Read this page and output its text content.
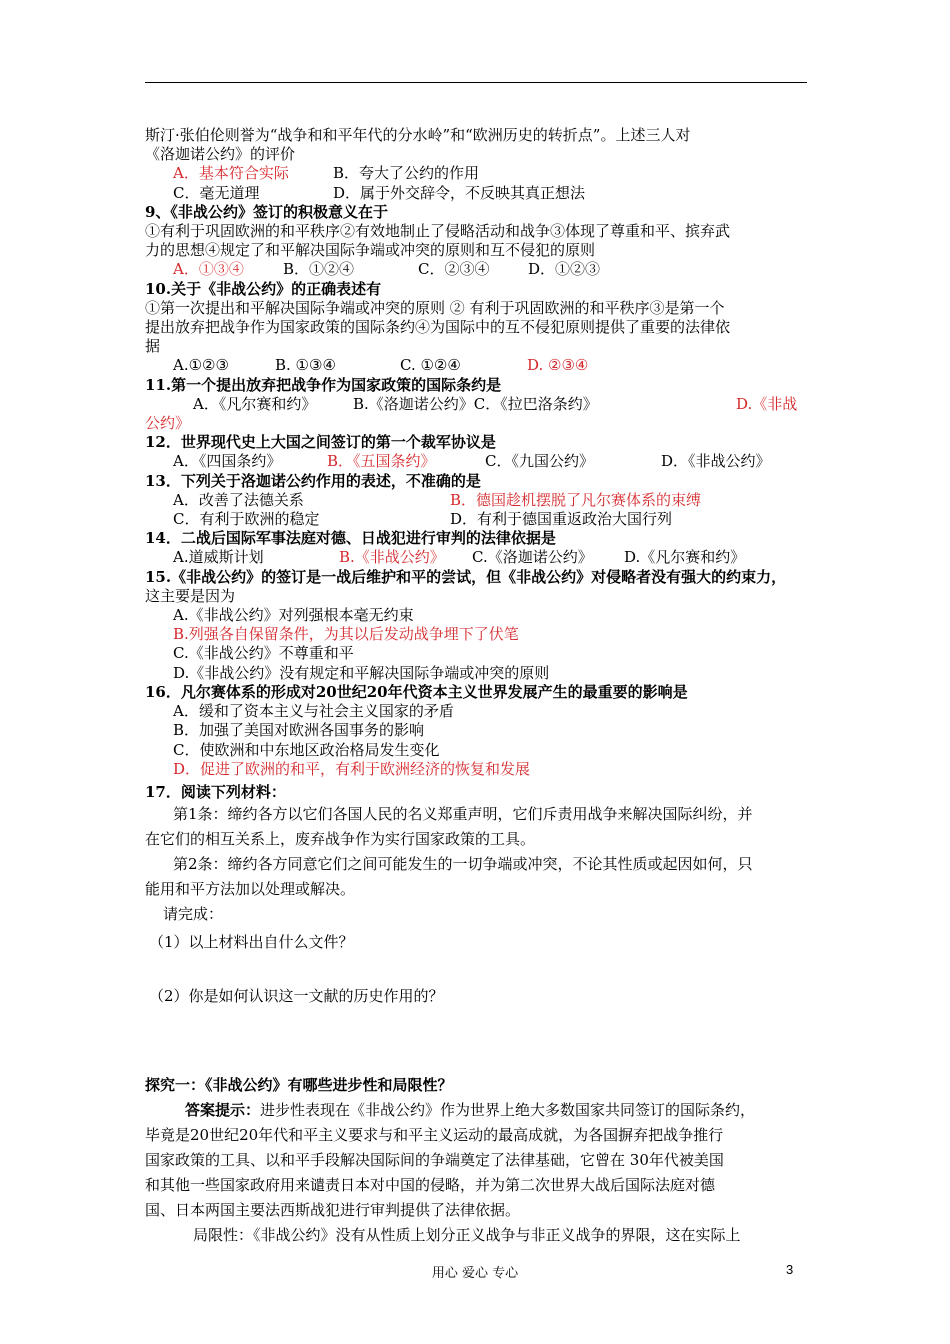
斯汀·张伯伦则誉为“战争和和平年代的分水岭”和“欧洲历史的转折点”。上述三人对
《洛迦诺公约》的评价
A．基本符合实际	B．夸大了公约的作用
C．毫无道理	D．属于外交辞令，不反映其真正想法
9、《非战公约》签订的积极意义在于
①有利于巩固欧洲的和平秩序②有效地制止了侵略活动和战争③体现了尊重和平、摈弃武
力的思想④规定了和平解决国际争端或冲突的原则和互不侵犯的原则
A．①③④	B．①②④	C．②③④	D．①②③
10.关于《非战公约》的正确表述有
①第一次提出和平解决国际争端或冲突的原则 ② 有利于巩固欧洲的和平秩序③是第一个
提出放弃把战争作为国家政策的国际条约④为国际中的互不侵犯原则提供了重要的法律依
据
A.①②③	B. ①③④	C. ①②④	D. ②③④
11.第一个提出放弃把战争作为国家政策的国际条约是
A．《凡尔赛和约》 B.《洛迦诺公约》C．《拉巴洛条约》	D.《非战
公约》
12．世界现代史上大国之间签订的第一个裁军协议是
A．《四国条约》	B．《五国条约》	C．《九国公约》	D．《非战公约》
13．下列关于洛迦诺公约作用的表述，不准确的是
A．改善了法德关系	B．德国趁机摆脱了凡尔赛体系的束缚
C．有利于欧洲的稳定	D．有利于德国重返政治大国行列
14．二战后国际军事法庭对德、日战犯进行审判的法律依据是
A.道威斯计划	B.《非战公约》 C.《洛迦诺公约》 D.《凡尔赛和约》
15.《非战公约》的签订是一战后维护和平的尝试，但《非战公约》对侵略者没有强大的约束力，
这主要是因为
A.《非战公约》对列强根本毫无约束
B.列强各自保留条件，为其以后发动战争埋下了伏笔
C.《非战公约》不尊重和平
D.《非战公约》没有规定和平解决国际争端或冲突的原则
16．凡尔赛体系的形成对20世纪20年代资本主义世界发展产生的最重要的影响是
A．缓和了资本主义与社会主义国家的矛盾
B．加强了美国对欧洲各国事务的影响
C．使欧洲和中东地区政治格局发生变化
D．促进了欧洲的和平，有利于欧洲经济的恢复和发展
17．阅读下列材料：
第1条：缔约各方以它们各国人民的名义郑重声明，它们斥责用战争来解决国际纠纷，并
在它们的相互关系上，废弃战争作为实行国家政策的工具。
第2条：缔约各方同意它们之间可能发生的一切争端或冲突，不论其性质或起因如何，只
能用和平方法加以处理或解决。
请完成：
（1）以上材料出自什么文件？
（2）你是如何认识这一文献的历史作用的？
探究一：《非战公约》有哪些进步性和局限性？
答案提示：进步性表现在《非战公约》作为世界上绝大多数国家共同签订的国际条约，
毕竟是20世纪20年代和平主义要求与和平主义运动的最高成就，为各国摒弃把战争推行
国家政策的工具、以和平手段解决国际间的争端奠定了法律基础，它曾在 30年代被美国
和其他一些国家政府用来谴责日本对中国的侵略，并为第二次世界大战后国际法庭对德
国、日本两国主要法西斯战犯进行审判提供了法律依据。
局限性：《非战公约》没有从性质上划分正义战争与非正义战争的界限，这在实际上
用心 爱心 专心	3
